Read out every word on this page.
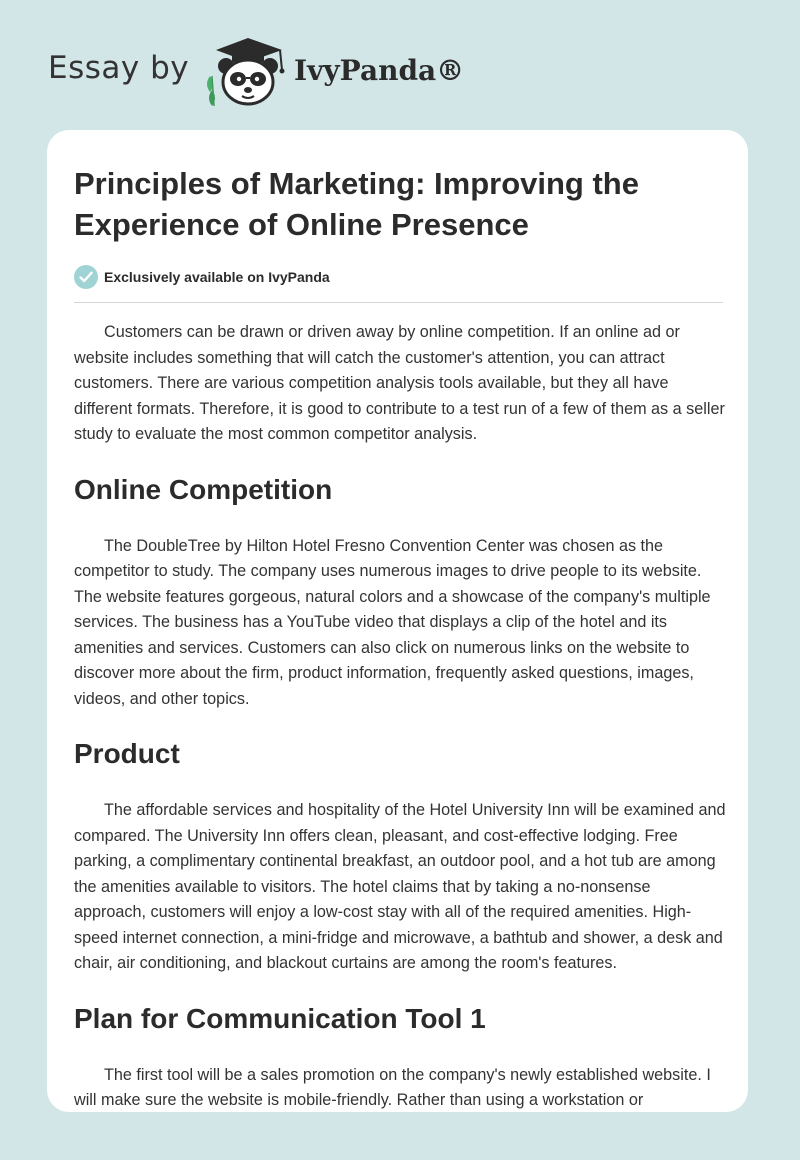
Essay by	IvyPanda®
Principles of Marketing: Improving the Experience of Online Presence
Exclusively available on IvyPanda

Customers can be drawn or driven away by online competition. If an online ad or website includes something that will catch the customer's attention, you can attract customers. There are various competition analysis tools available, but they all have different formats. Therefore, it is good to contribute to a test run of a few of them as a seller study to evaluate the most common competitor analysis.

Online Competition

The DoubleTree by Hilton Hotel Fresno Convention Center was chosen as the competitor to study. The company uses numerous images to drive people to its website. The website features gorgeous, natural colors and a showcase of the company's multiple services. The business has a YouTube video that displays a clip of the hotel and its amenities and services. Customers can also click on numerous links on the website to discover more about the firm, product information, frequently asked questions, images, videos, and other topics.

Product

The affordable services and hospitality of the Hotel University Inn will be examined and compared. The University Inn offers clean, pleasant, and cost-effective lodging. Free parking, a complimentary continental breakfast, an outdoor pool, and a hot tub are among the amenities available to visitors. The hotel claims that by taking a no-nonsense approach, customers will enjoy a low-cost stay with all of the required amenities. High-speed internet connection, a mini-fridge and microwave, a bathtub and shower, a desk and chair, air conditioning, and blackout curtains are among the room's features.

Plan for Communication Tool 1

The first tool will be a sales promotion on the company's newly established website. I will make sure the website is mobile-friendly. Rather than using a workstation or
